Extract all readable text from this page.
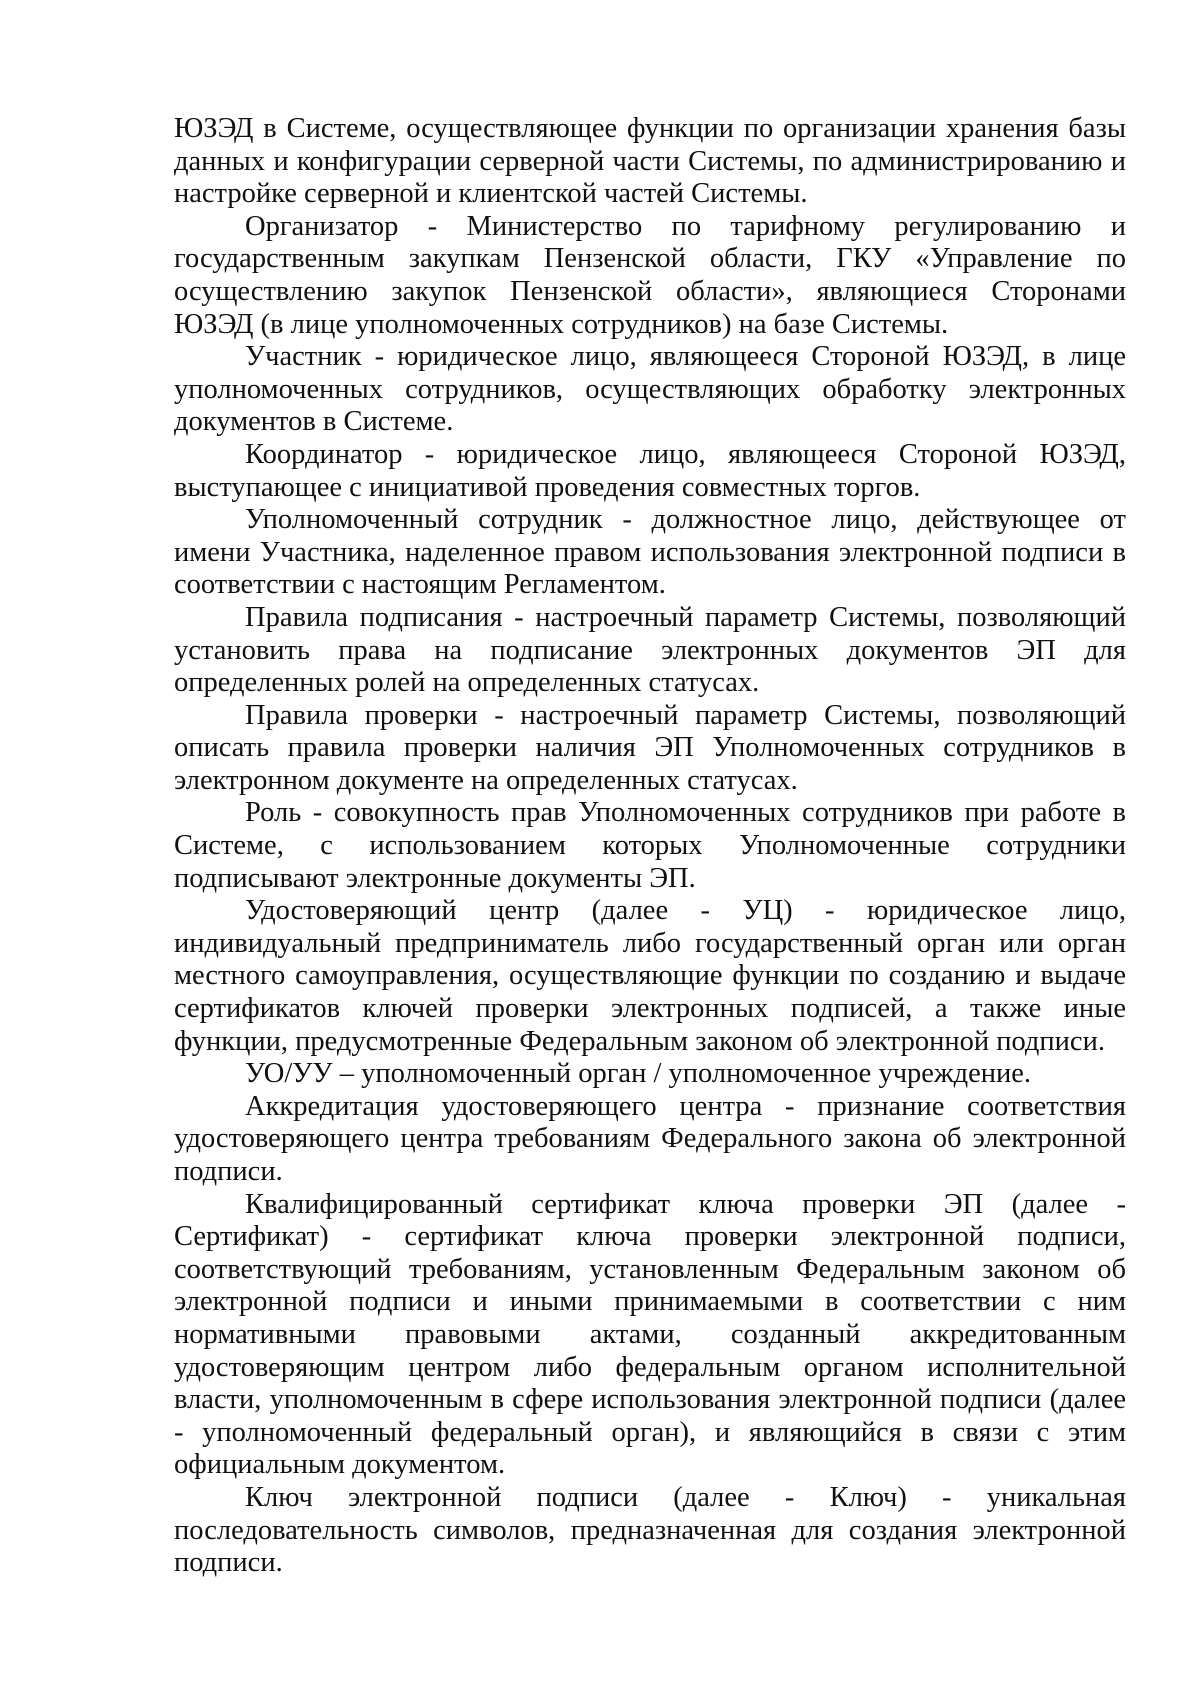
ЮЗЭД в Системе, осуществляющее функции по организации хранения базы данных и конфигурации серверной части Системы, по администрированию и настройке серверной и клиентской частей Системы.

Организатор - Министерство по тарифному регулированию и государственным закупкам Пензенской области, ГКУ «Управление по осуществлению закупок Пензенской области», являющиеся Сторонами ЮЗЭД (в лице уполномоченных сотрудников) на базе Системы.

Участник - юридическое лицо, являющееся Стороной ЮЗЭД, в лице уполномоченных сотрудников, осуществляющих обработку электронных документов в Системе.

Координатор - юридическое лицо, являющееся Стороной ЮЗЭД, выступающее с инициативой проведения совместных торгов.

Уполномоченный сотрудник - должностное лицо, действующее от имени Участника, наделенное правом использования электронной подписи в соответствии с настоящим Регламентом.

Правила подписания - настроечный параметр Системы, позволяющий установить права на подписание электронных документов ЭП для определенных ролей на определенных статусах.

Правила проверки - настроечный параметр Системы, позволяющий описать правила проверки наличия ЭП Уполномоченных сотрудников в электронном документе на определенных статусах.

Роль - совокупность прав Уполномоченных сотрудников при работе в Системе, с использованием которых Уполномоченные сотрудники подписывают электронные документы ЭП.

Удостоверяющий центр (далее - УЦ) - юридическое лицо, индивидуальный предприниматель либо государственный орган или орган местного самоуправления, осуществляющие функции по созданию и выдаче сертификатов ключей проверки электронных подписей, а также иные функции, предусмотренные Федеральным законом об электронной подписи.

УО/УУ – уполномоченный орган / уполномоченное учреждение.

Аккредитация удостоверяющего центра - признание соответствия удостоверяющего центра требованиям Федерального закона об электронной подписи.

Квалифицированный сертификат ключа проверки ЭП (далее - Сертификат) - сертификат ключа проверки электронной подписи, соответствующий требованиям, установленным Федеральным законом об электронной подписи и иными принимаемыми в соответствии с ним нормативными правовыми актами, созданный аккредитованным удостоверяющим центром либо федеральным органом исполнительной власти, уполномоченным в сфере использования электронной подписи (далее - уполномоченный федеральный орган), и являющийся в связи с этим официальным документом.

Ключ электронной подписи (далее - Ключ) - уникальная последовательность символов, предназначенная для создания электронной подписи.
